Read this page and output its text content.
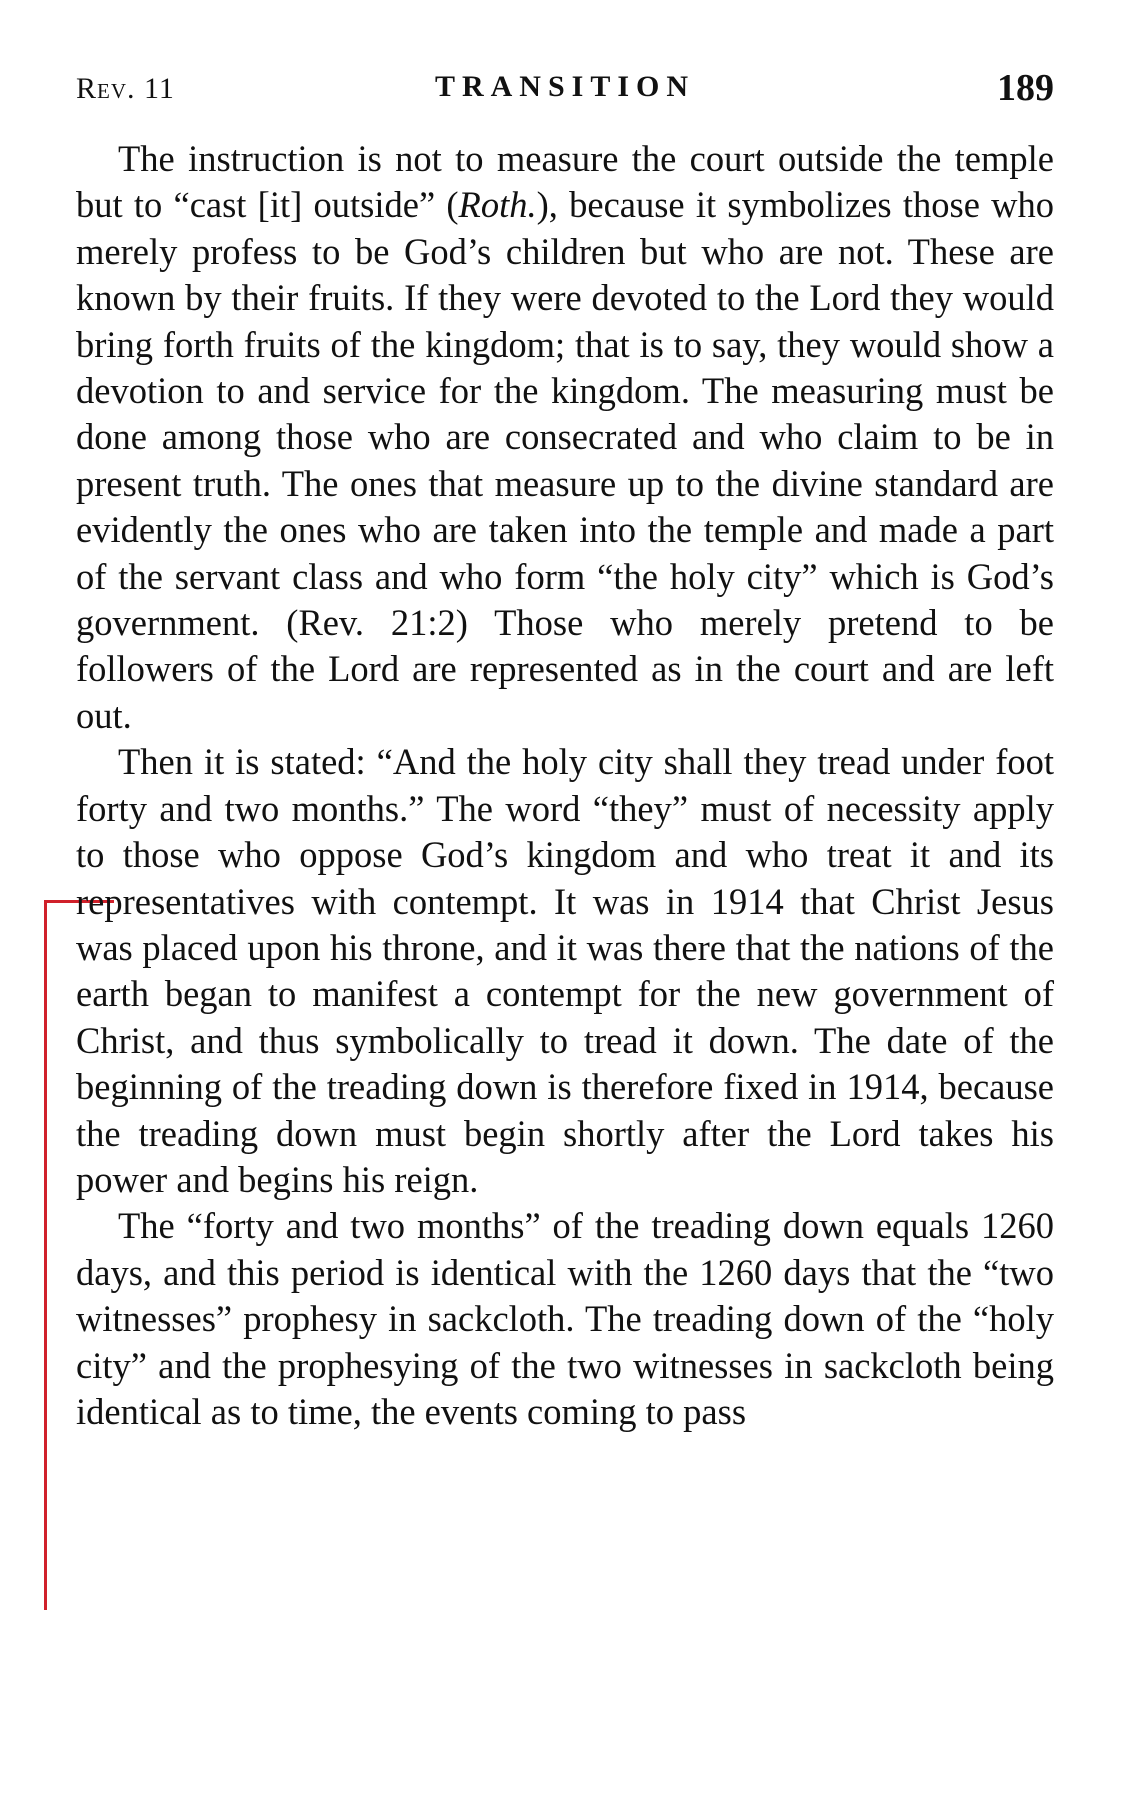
Rev. 11	TRANSITION	189

The instruction is not to measure the court outside the temple but to “cast [it] outside” (Roth.), because it symbolizes those who merely profess to be God’s children but who are not. These are known by their fruits. If they were devoted to the Lord they would bring forth fruits of the kingdom; that is to say, they would show a devotion to and service for the kingdom. The measuring must be done among those who are consecrated and who claim to be in present truth. The ones that measure up to the divine standard are evidently the ones who are taken into the temple and made a part of the servant class and who form “the holy city” which is God’s government. (Rev. 21:2) Those who merely pretend to be followers of the Lord are represented as in the court and are left out.

Then it is stated: “And the holy city shall they tread under foot forty and two months.” The word “they” must of necessity apply to those who oppose God’s kingdom and who treat it and its representatives with contempt. It was in 1914 that Christ Jesus was placed upon his throne, and it was there that the nations of the earth began to manifest a contempt for the new government of Christ, and thus symbolically to tread it down. The date of the beginning of the treading down is therefore fixed in 1914, because the treading down must begin shortly after the Lord takes his power and begins his reign.

The “forty and two months” of the treading down equals 1260 days, and this period is identical with the 1260 days that the “two witnesses” prophesy in sackcloth. The treading down of the “holy city” and the prophesying of the two witnesses in sackcloth being identical as to time, the events coming to pass
